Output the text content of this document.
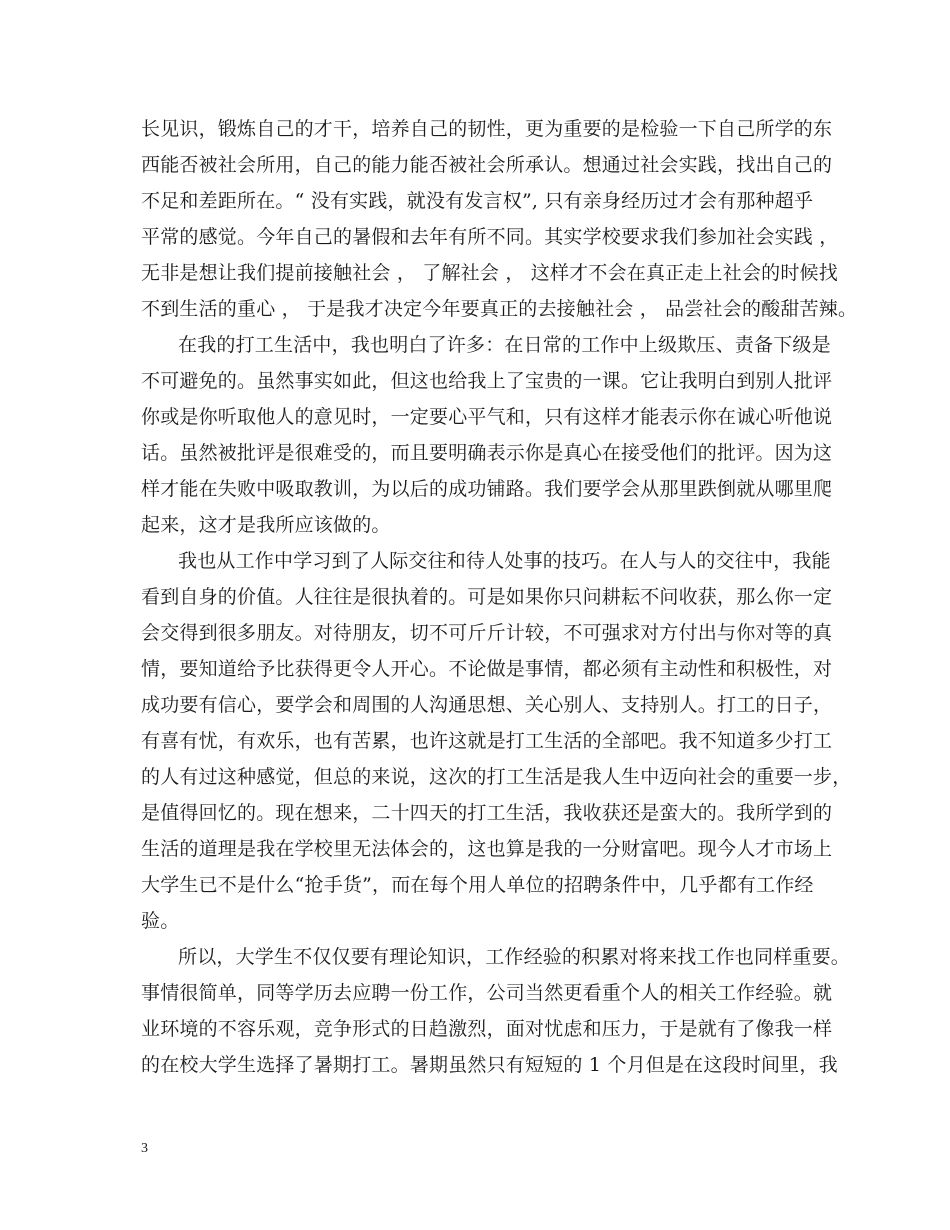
长见识，锻炼自己的才干，培养自己的韧性，更为重要的是检验一下自己所学的东
西能否被社会所用，自己的能力能否被社会所承认。想通过社会实践，找出自己的
不足和差距所在。“ 没有实践，就没有发言权”, 只有亲身经历过才会有那种超乎
平常的感觉。今年自己的暑假和去年有所不同。其实学校要求我们参加社会实践 ，
无非是想让我们提前接触社会 ， 了解社会 ， 这样才不会在真正走上社会的时候找
不到生活的重心 ， 于是我才决定今年要真正的去接触社会 ， 品尝社会的酸甜苦辣。
在我的打工生活中，我也明白了许多：在日常的工作中上级欺压、责备下级是
不可避免的。虽然事实如此，但这也给我上了宝贵的一课。它让我明白到别人批评
你或是你听取他人的意见时，一定要心平气和，只有这样才能表示你在诚心听他说
话。虽然被批评是很难受的，而且要明确表示你是真心在接受他们的批评。因为这
样才能在失败中吸取教训，为以后的成功铺路。我们要学会从那里跌倒就从哪里爬
起来，这才是我所应该做的。
我也从工作中学习到了人际交往和待人处事的技巧。在人与人的交往中，我能
看到自身的价值。人往往是很执着的。可是如果你只问耕耘不问收获，那么你一定
会交得到很多朋友。对待朋友，切不可斤斤计较，不可强求对方付出与你对等的真
情，要知道给予比获得更令人开心。不论做是事情，都必须有主动性和积极性，对
成功要有信心，要学会和周围的人沟通思想、关心别人、支持别人。打工的日子，
有喜有忧，有欢乐，也有苦累，也许这就是打工生活的全部吧。我不知道多少打工
的人有过这种感觉，但总的来说，这次的打工生活是我人生中迈向社会的重要一步，
是值得回忆的。现在想来，二十四天的打工生活，我收获还是蛮大的。我所学到的
生活的道理是我在学校里无法体会的，这也算是我的一分财富吧。现今人才市场上
大学生已不是什么“抢手货”，而在每个用人单位的招聘条件中，几乎都有工作经
验。
所以，大学生不仅仅要有理论知识，工作经验的积累对将来找工作也同样重要。
事情很简单，同等学历去应聘一份工作，公司当然更看重个人的相关工作经验。就
业环境的不容乐观，竞争形式的日趋激烈，面对忧虑和压力，于是就有了像我一样
的在校大学生选择了暑期打工。暑期虽然只有短短的 1 个月但是在这段时间里，我
3
